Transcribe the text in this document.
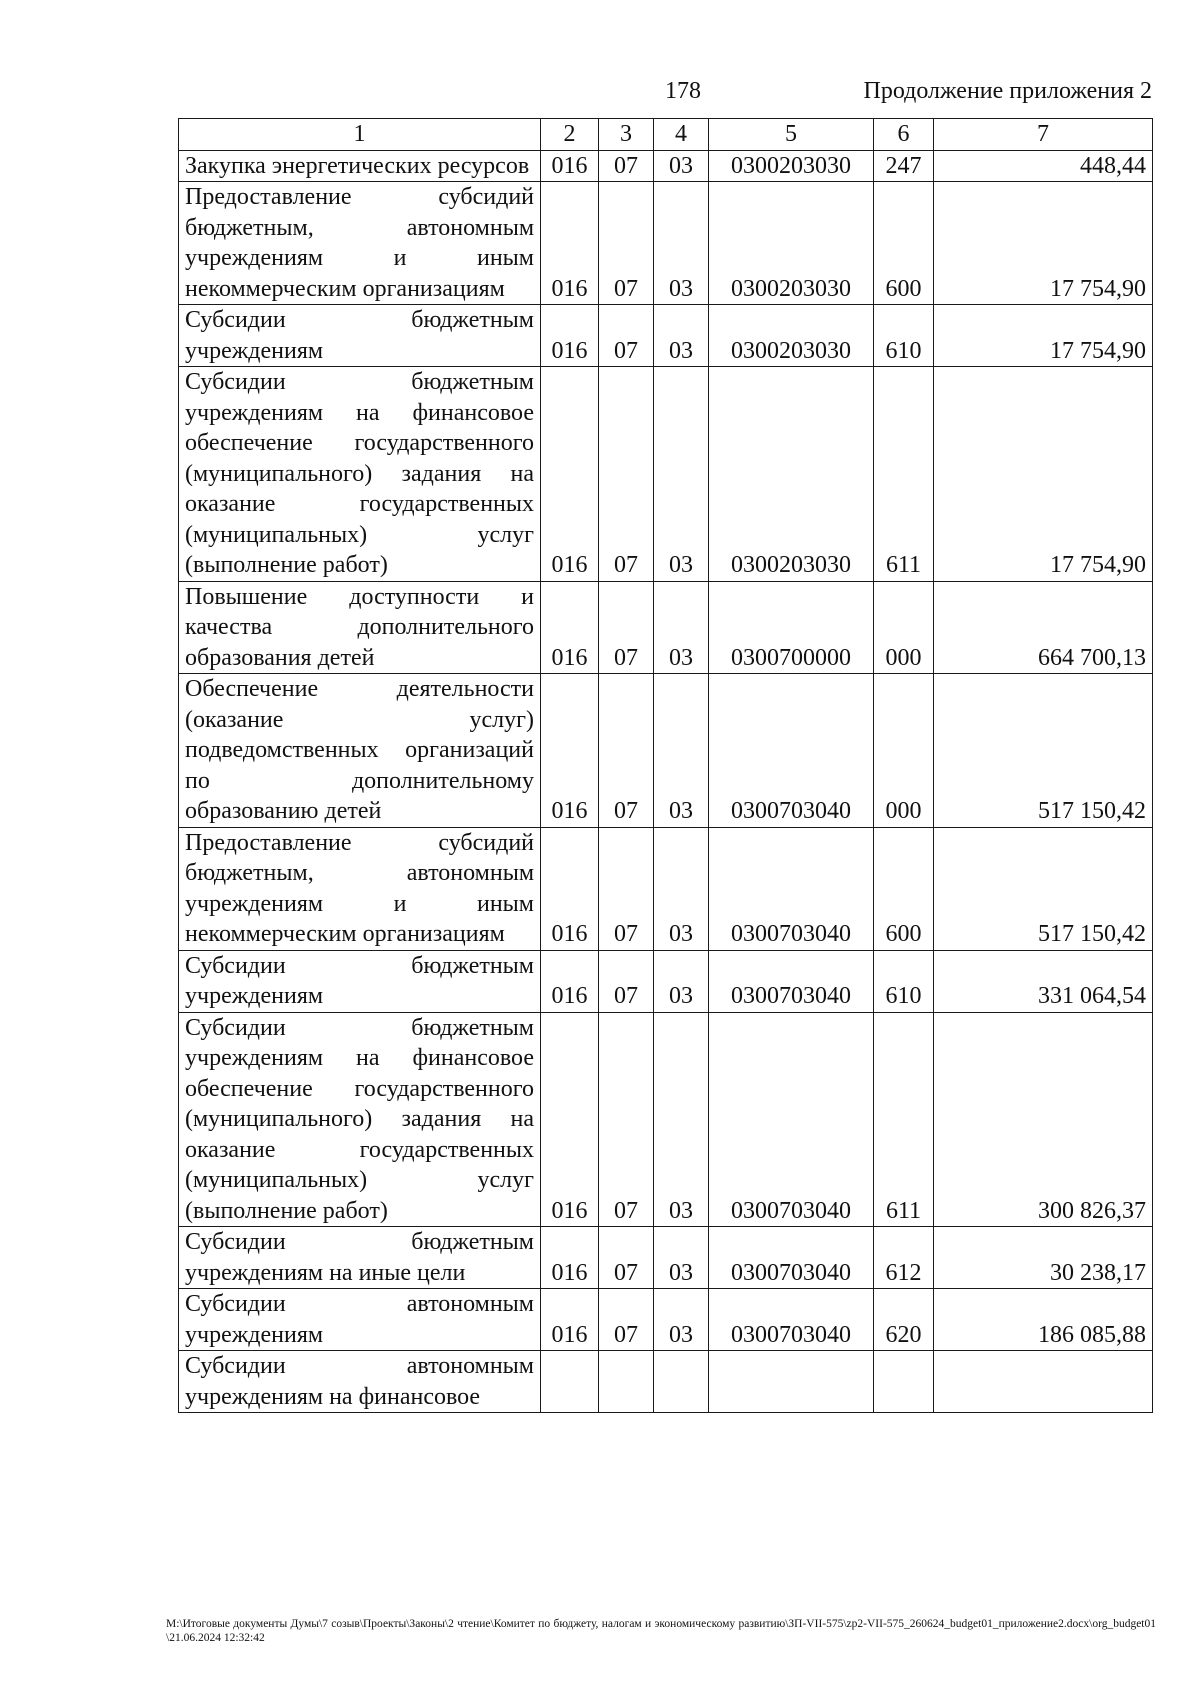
178	Продолжение приложения 2
1	2	3	4	5	6	7
Закупка энергетических ресурсов	016	07	03	0300203030	247	448,44
Предоставление субсидий бюджетным, автономным учреждениям и иным некоммерческим организациям	016	07	03	0300203030	600	17 754,90
Субсидии бюджетным учреждениям	016	07	03	0300203030	610	17 754,90
Субсидии бюджетным учреждениям на финансовое обеспечение государственного (муниципального) задания на оказание государственных (муниципальных) услуг (выполнение работ)	016	07	03	0300203030	611	17 754,90
Повышение доступности и качества дополнительного образования детей	016	07	03	0300700000	000	664 700,13
Обеспечение деятельности (оказание услуг) подведомственных организаций по дополнительному образованию детей	016	07	03	0300703040	000	517 150,42
Предоставление субсидий бюджетным, автономным учреждениям и иным некоммерческим организациям	016	07	03	0300703040	600	517 150,42
Субсидии бюджетным учреждениям	016	07	03	0300703040	610	331 064,54
Субсидии бюджетным учреждениям на финансовое обеспечение государственного (муниципального) задания на оказание государственных (муниципальных) услуг (выполнение работ)	016	07	03	0300703040	611	300 826,37
Субсидии бюджетным учреждениям на иные цели	016	07	03	0300703040	612	30 238,17
Субсидии автономным учреждениям	016	07	03	0300703040	620	186 085,88
Субсидии автономным учреждениям на финансовое						
M:\Итоговые документы Думы\7 созыв\Проекты\Законы\2 чтение\Комитет по бюджету, налогам и экономическому развитию\ЗП-VII-575\zp2-VII-575_260624_budget01_приложение2.docx\org_budget01\21.06.2024 12:32:42
